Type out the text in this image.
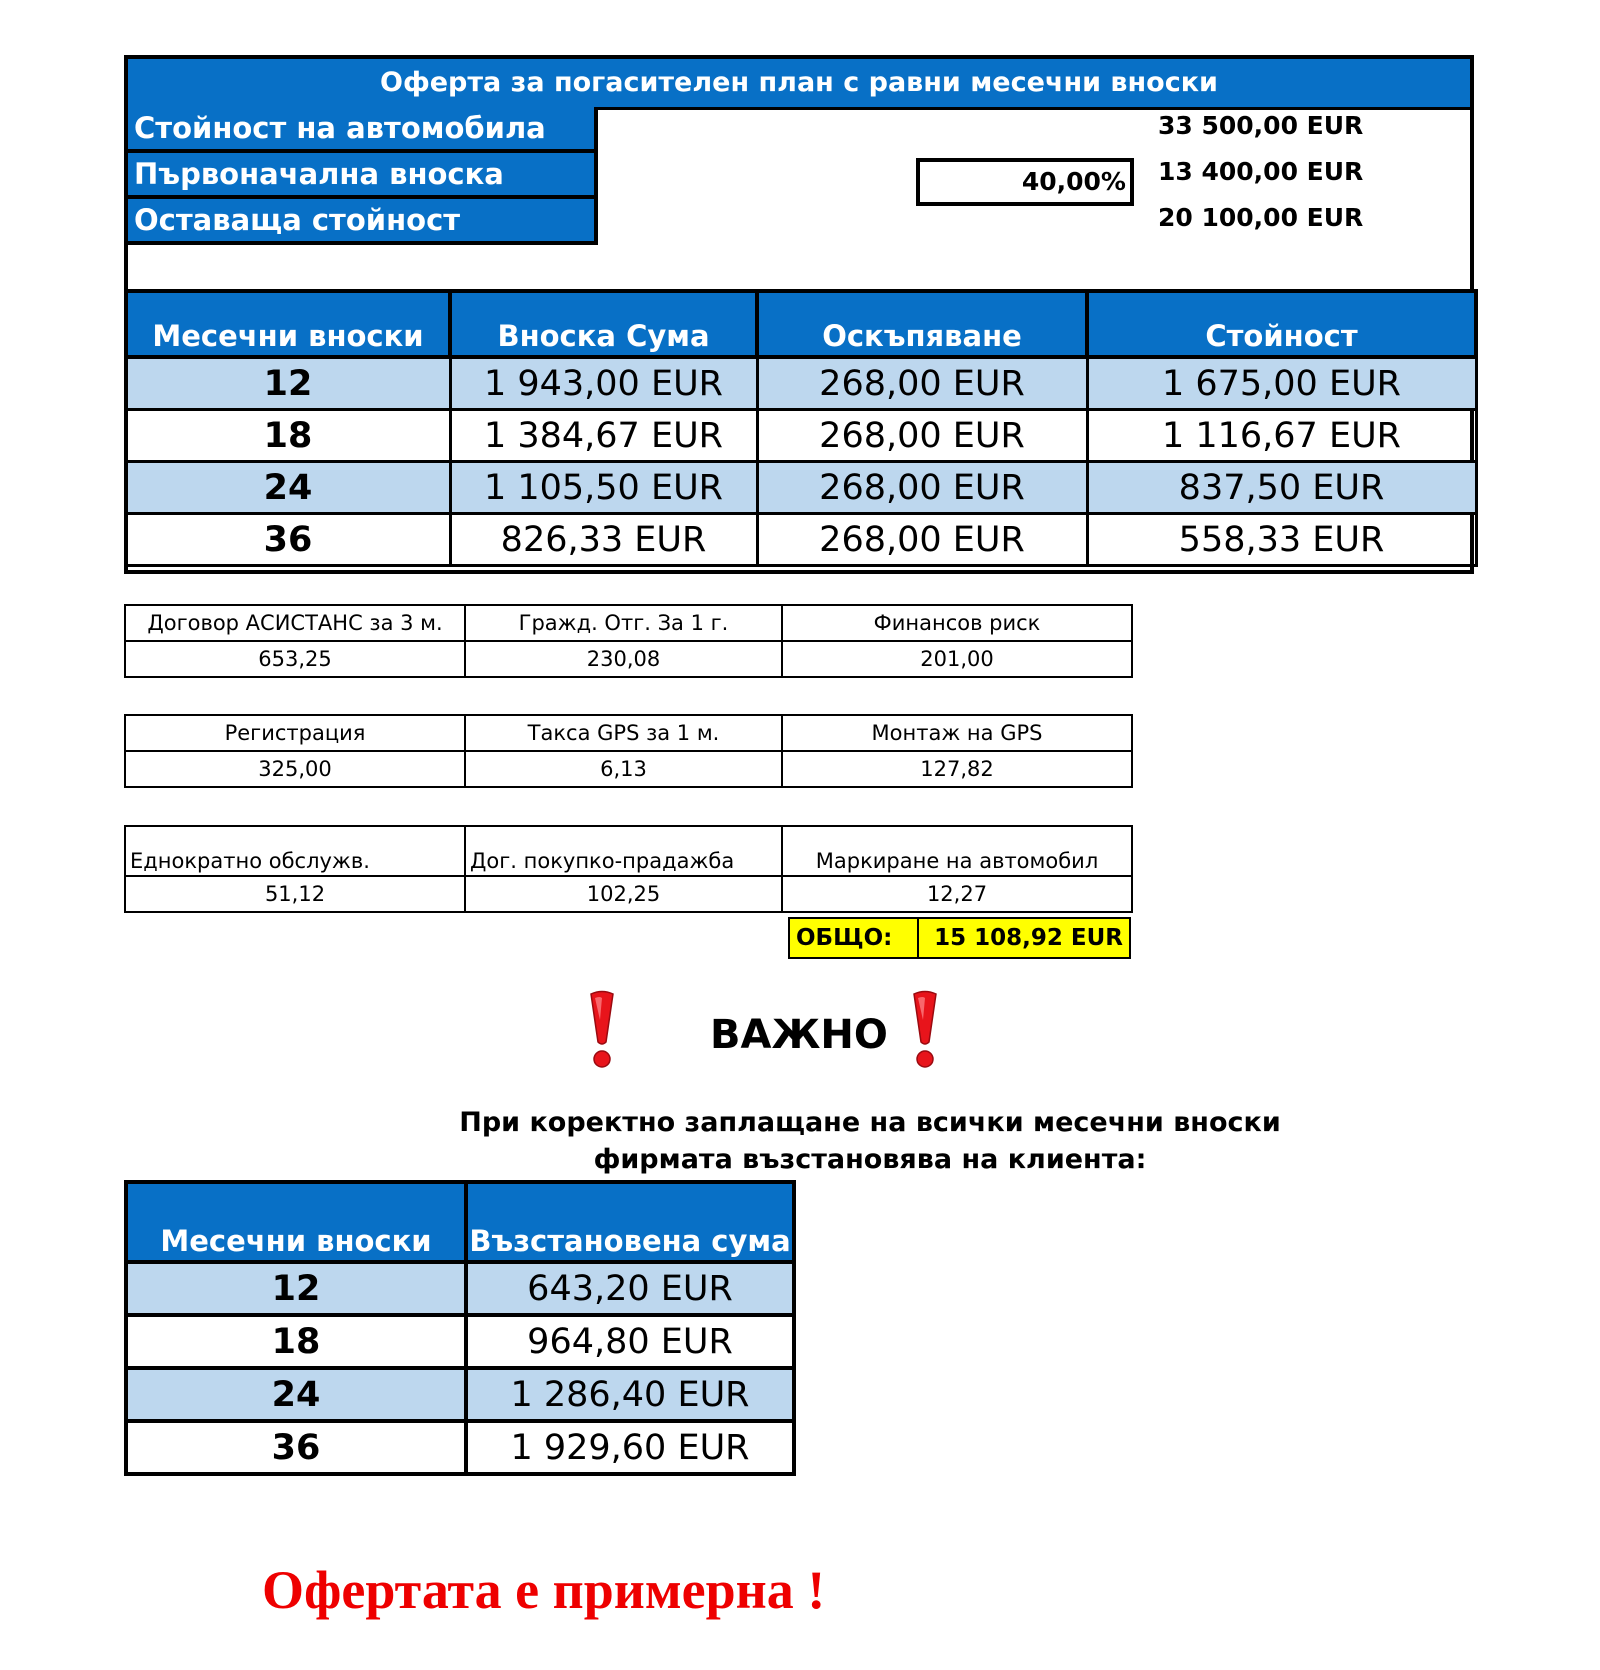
Оферта за погасителен план с равни месечни вноски
Стойност на автомобила	33 500,00 EUR
Първоначална вноска	40,00%	13 400,00 EUR
Оставаща стойност	20 100,00 EUR
Месечни вноски	Вноска Сума	Оскъпяване	Стойност
12	1 943,00 EUR	268,00 EUR	1 675,00 EUR
18	1 384,67 EUR	268,00 EUR	1 116,67 EUR
24	1 105,50 EUR	268,00 EUR	837,50 EUR
36	826,33 EUR	268,00 EUR	558,33 EUR
Договор АСИСТАНС за 3 м.	Гражд. Отг. За 1 г.	Финансов риск
653,25	230,08	201,00
Регистрация	Такса GPS за 1 м.	Монтаж на GPS
325,00	6,13	127,82
Еднократно обслужв.	Дог. покупко-прадажба	Маркиране на автомобил
51,12	102,25	12,27
ОБЩО: 15 108,92 EUR
ВАЖНО
При коректно заплащане на всички месечни вноски
фирмата възстановява на клиента:
Месечни вноски	Възстановена сума
12	643,20 EUR
18	964,80 EUR
24	1 286,40 EUR
36	1 929,60 EUR
Офертата е примерна !
